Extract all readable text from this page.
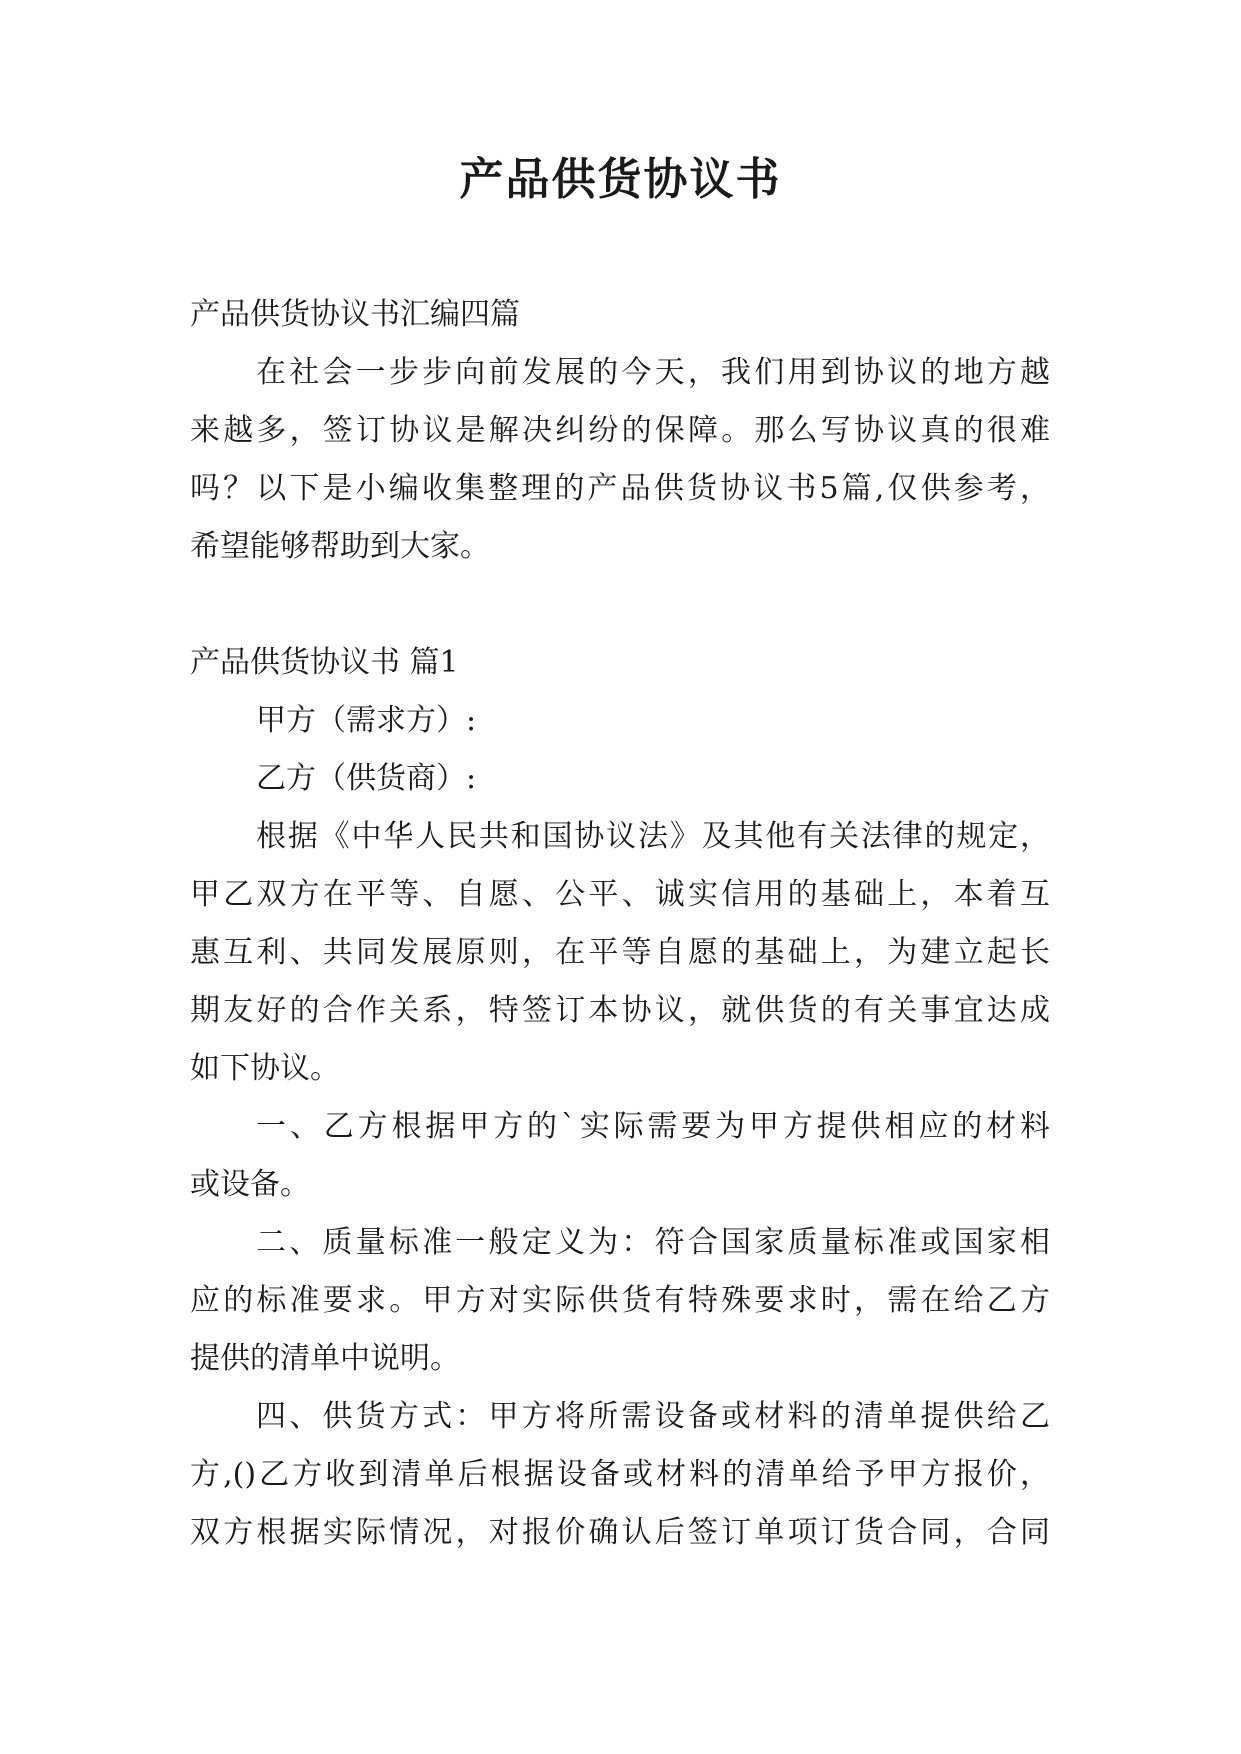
产品供货协议书
产品供货协议书汇编四篇
在社会一步步向前发展的今天，我们用到协议的地方越
来越多，签订协议是解决纠纷的保障。那么写协议真的很难
吗？以下是小编收集整理的产品供货协议书5篇,仅供参考，
希望能够帮助到大家。
产品供货协议书 篇1
甲方（需求方）:
乙方（供货商）:
根据《中华人民共和国协议法》及其他有关法律的规定，
甲乙双方在平等、自愿、公平、诚实信用的基础上，本着互
惠互利、共同发展原则，在平等自愿的基础上，为建立起长
期友好的合作关系，特签订本协议，就供货的有关事宜达成
如下协议。
一、乙方根据甲方的`实际需要为甲方提供相应的材料
或设备。
二、质量标准一般定义为：符合国家质量标准或国家相
应的标准要求。甲方对实际供货有特殊要求时，需在给乙方
提供的清单中说明。
四、供货方式：甲方将所需设备或材料的清单提供给乙
方,()乙方收到清单后根据设备或材料的清单给予甲方报价，
双方根据实际情况，对报价确认后签订单项订货合同，合同
